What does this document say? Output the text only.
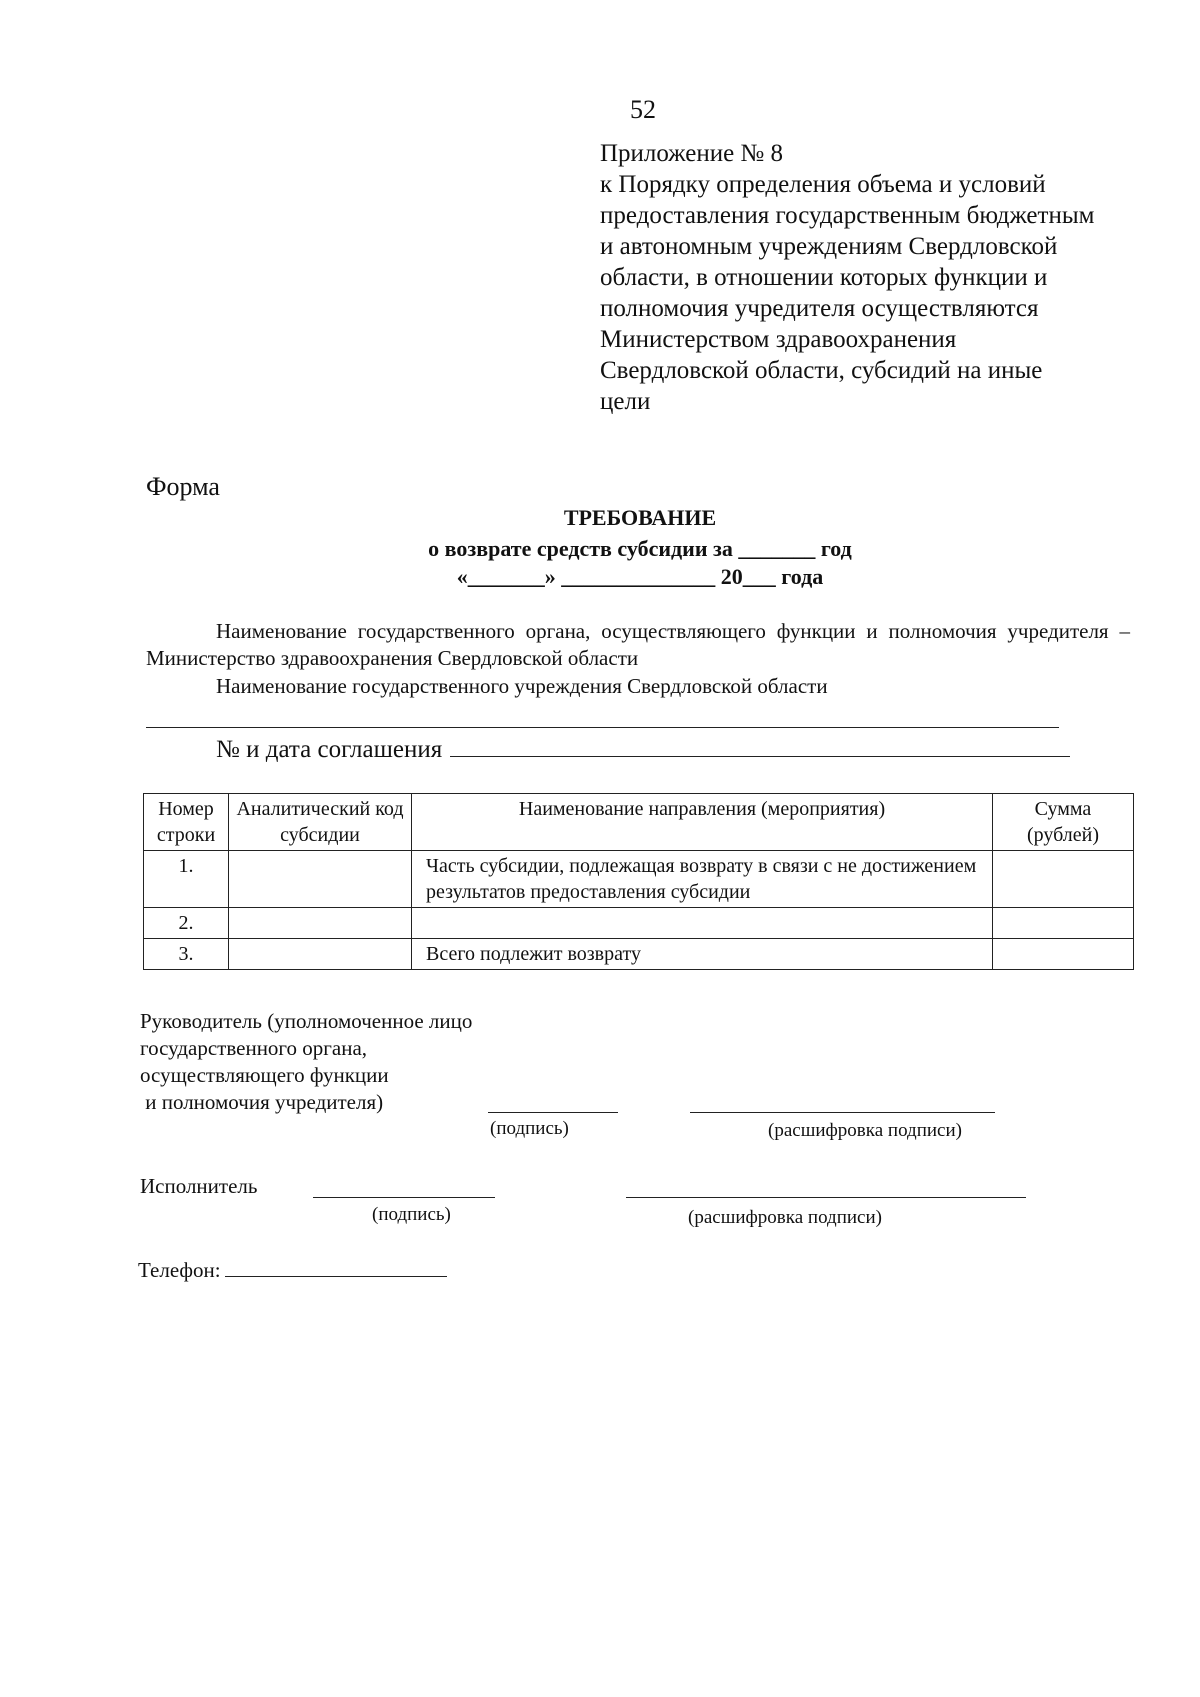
52
Приложение № 8
к Порядку определения объема и условий
предоставления государственным бюджетным
и автономным учреждениям Свердловской
области, в отношении которых функции и
полномочия учредителя осуществляются
Министерством здравоохранения
Свердловской области, субсидий на иные
цели
Форма
ТРЕБОВАНИЕ
о возврате средств субсидии за _______ год
«_______» ______________ 20___ года
Наименование государственного органа, осуществляющего функции и полномочия учредителя – Министерство здравоохранения Свердловской области
Наименование государственного учреждения Свердловской области
№ и дата соглашения
Номер строки	Аналитический код субсидии	Наименование направления (мероприятия)	Сумма (рублей)
1.		Часть субсидии, подлежащая возврату в связи с не достижением результатов предоставления субсидии	
2.			
3.		Всего подлежит возврату	
Руководитель (уполномоченное лицо
государственного органа,
осуществляющего функции
и полномочия учредителя)
(подпись)	(расшифровка подписи)
Исполнитель
(подпись)	(расшифровка подписи)
Телефон:
